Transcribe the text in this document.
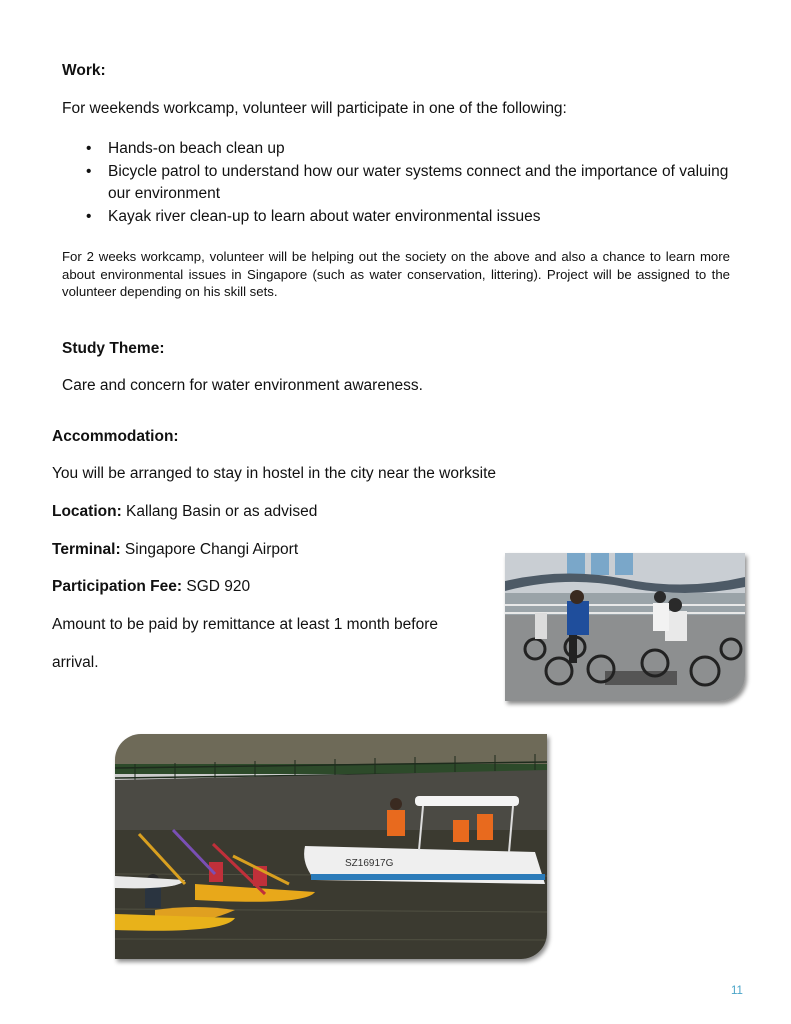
Work:
For weekends workcamp, volunteer will participate in one of the following:
• Hands-on beach clean up
• Bicycle patrol to understand how our water systems connect and the importance of valuing our environment
• Kayak river clean-up to learn about water environmental issues
For 2 weeks workcamp, volunteer will be helping out the society on the above and also a chance to learn more about environmental issues in Singapore (such as water conservation, littering). Project will be assigned to the volunteer depending on his skill sets.
Study Theme:
Care and concern for water environment awareness.
Accommodation:
You will be arranged to stay in hostel in the city near the worksite
Location: Kallang Basin or as advised
Terminal: Singapore Changi Airport
Participation Fee: SGD 920
Amount to be paid by remittance at least 1 month before
arrival.
SZ16917G
11
